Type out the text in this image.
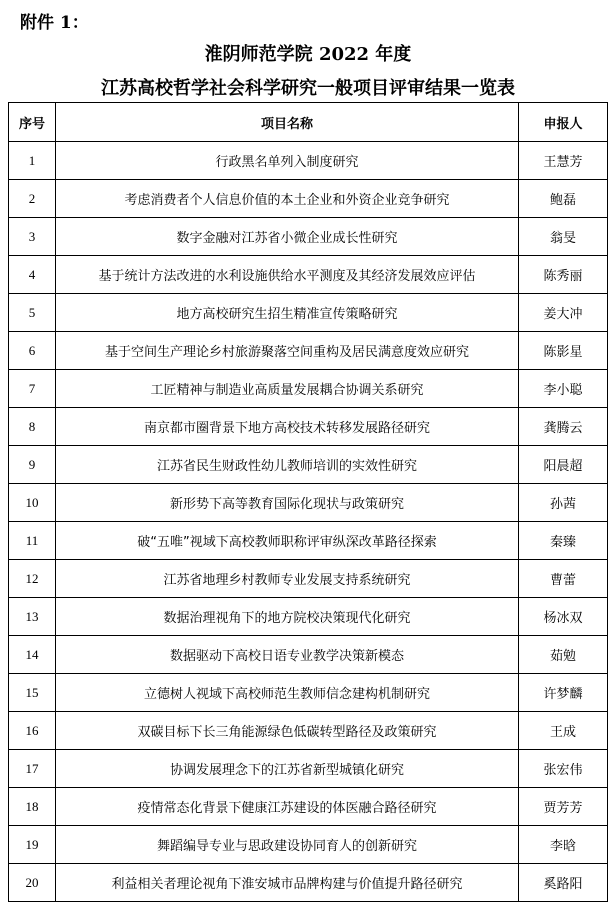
附件 1：
淮阴师范学院 2022 年度
江苏高校哲学社会科学研究一般项目评审结果一览表
序号	项目名称	申报人
1	行政黑名单列入制度研究	王慧芳
2	考虑消费者个人信息价值的本土企业和外资企业竞争研究	鲍磊
3	数字金融对江苏省小微企业成长性研究	翁旻
4	基于统计方法改进的水利设施供给水平测度及其经济发展效应评估	陈秀丽
5	地方高校研究生招生精准宣传策略研究	姜大冲
6	基于空间生产理论乡村旅游聚落空间重构及居民满意度效应研究	陈影星
7	工匠精神与制造业高质量发展耦合协调关系研究	李小聪
8	南京都市圈背景下地方高校技术转移发展路径研究	龚腾云
9	江苏省民生财政性幼儿教师培训的实效性研究	阳晨超
10	新形势下高等教育国际化现状与政策研究	孙茜
11	破“五唯”视域下高校教师职称评审纵深改革路径探索	秦臻
12	江苏省地理乡村教师专业发展支持系统研究	曹蕾
13	数据治理视角下的地方院校决策现代化研究	杨冰双
14	数据驱动下高校日语专业教学决策新模态	茹勉
15	立德树人视域下高校师范生教师信念建构机制研究	许梦麟
16	双碳目标下长三角能源绿色低碳转型路径及政策研究	王成
17	协调发展理念下的江苏省新型城镇化研究	张宏伟
18	疫情常态化背景下健康江苏建设的体医融合路径研究	贾芳芳
19	舞蹈编导专业与思政建设协同育人的创新研究	李晗
20	利益相关者理论视角下淮安城市品牌构建与价值提升路径研究	奚路阳
